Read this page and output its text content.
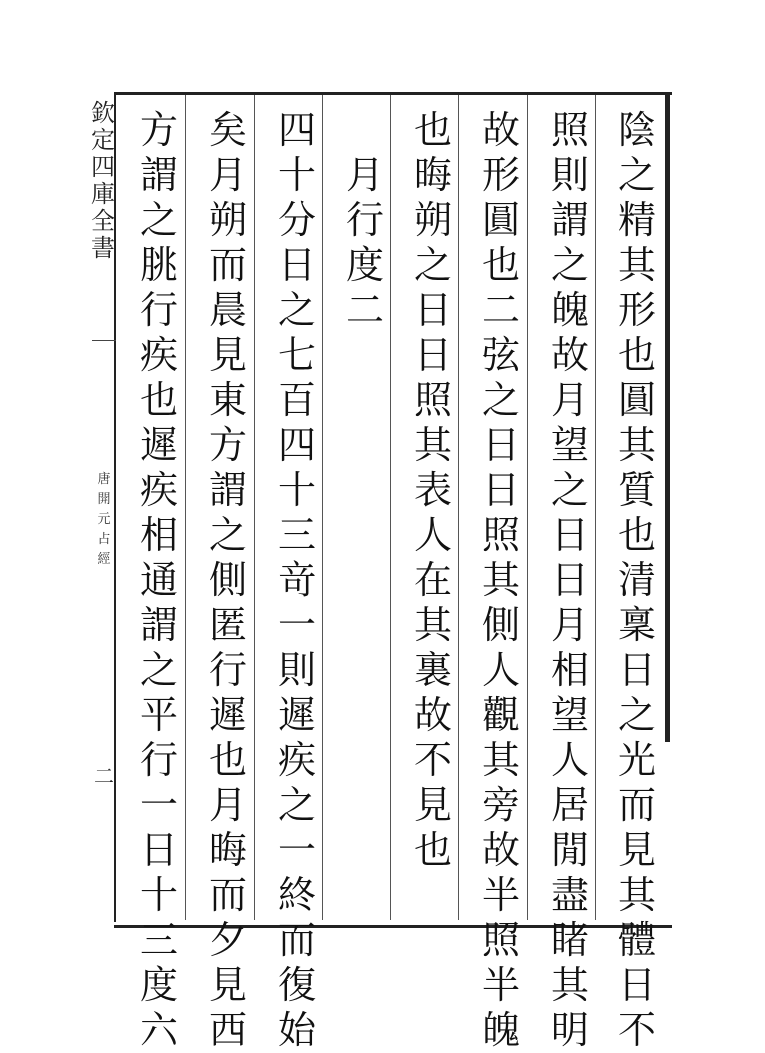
陰
之
精
其
形
也
圓
其
質
也
清
稟
日
之
光
而
見
其
體
日
不
照
則
謂
之
魄
故
月
望
之
日
日
月
相
望
人
居
閒
盡
睹
其
明
故
形
圓
也
二
弦
之
日
日
照
其
側
人
觀
其
旁
故
半
照
半
魄
也
晦
朔
之
日
日
照
其
表
人
在
其
裏
故
不
見
也

月
行
度
二
四
十
分
日
之
七
百
四
十
三
竒
一
則
遲
疾
之
一
終
而
復
始
矣
月
朔
而
晨
見
東
方
謂
之
側
匿
行
遲
也
月
晦
而
夕
見
西
方
謂
之
朓
行
疾
也
遲
疾
相
通
謂
之
平
行
一
日
十
三
度
六
欽
定
四
庫
全
書
唐
開
元
占
經
二
